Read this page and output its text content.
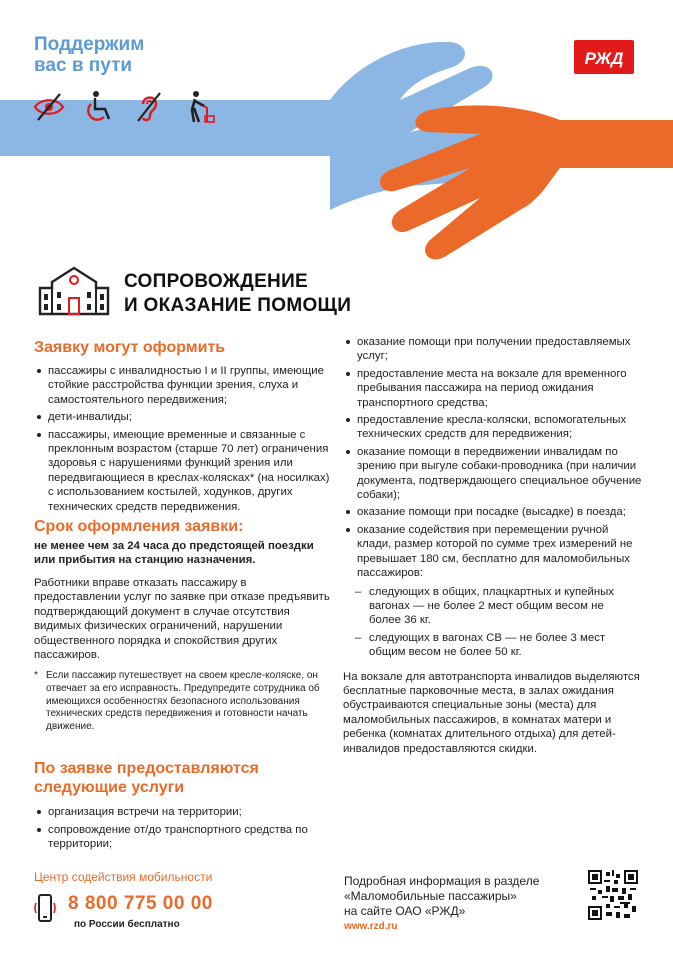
Поддержим
вас в пути	РЖД
СОПРОВОЖДЕНИЕ
И ОКАЗАНИЕ ПОМОЩИ
Заявку могут оформить
пассажиры с инвалидностью I и II группы, имеющие стойкие расстройства функции зрения, слуха и самостоятельного передвижения;
дети-инвалиды;
пассажиры, имеющие временные и связанные с преклонным возрастом (старше 70 лет) ограничения здоровья с нарушениями функций зрения или передвигающиеся в креслах-колясках* (на носилках) с использованием костылей, ходунков, других технических средств передвижения.
Срок оформления заявки:

не менее чем за 24 часа до предстоящей поездки или прибытия на станцию назначения.

Работники вправе отказать пассажиру в предоставлении услуг по заявке при отказе предъявить подтверждающий документ в случае отсутствия видимых физических ограничений, нарушении общественного порядка и спокойствия других пассажиров.

* Если пассажир путешествует на своем кресле-коляске, он отвечает за его исправность. Предупредите сотрудника об имеющихся особенностях безопасного использования технических средств передвижения и готовности начать движение.

По заявке предоставляются
следующие услуги
организация встречи на территории;
сопровождение от/до транспортного средства по территории;
оказание помощи при получении предоставляемых услуг;
предоставление места на вокзале для временного пребывания пассажира на период ожидания транспортного средства;
предоставление кресла-коляски, вспомогательных технических средств для передвижения;
оказание помощи в передвижении инвалидам по зрению при выгуле собаки-проводника (при наличии документа, подтверждающего специальное обучение собаки);
оказание помощи при посадке (высадке) в поезда;
оказание содействия при перемещении ручной клади, размер которой по сумме трех измерений не превышает 180 см, бесплатно для маломобильных пассажиров:
– следующих в общих, плацкартных и купейных вагонах — не более 2 мест общим весом не более 36 кг.
– следующих в вагонах СВ — не более 3 мест общим весом не более 50 кг.

На вокзале для автотранспорта инвалидов выделяются бесплатные парковочные места, в залах ожидания обустраиваются специальные зоны (места) для маломобильных пассажиров, в комнатах матери и ребенка (комнатах длительного отдыха) для детей-инвалидов предоставляются скидки.

Центр содействия мобильности
8 800 775 00 00
по России бесплатно
Подробная информация в разделе
«Маломобильные пассажиры»
на сайте ОАО «РЖД»
www.rzd.ru
